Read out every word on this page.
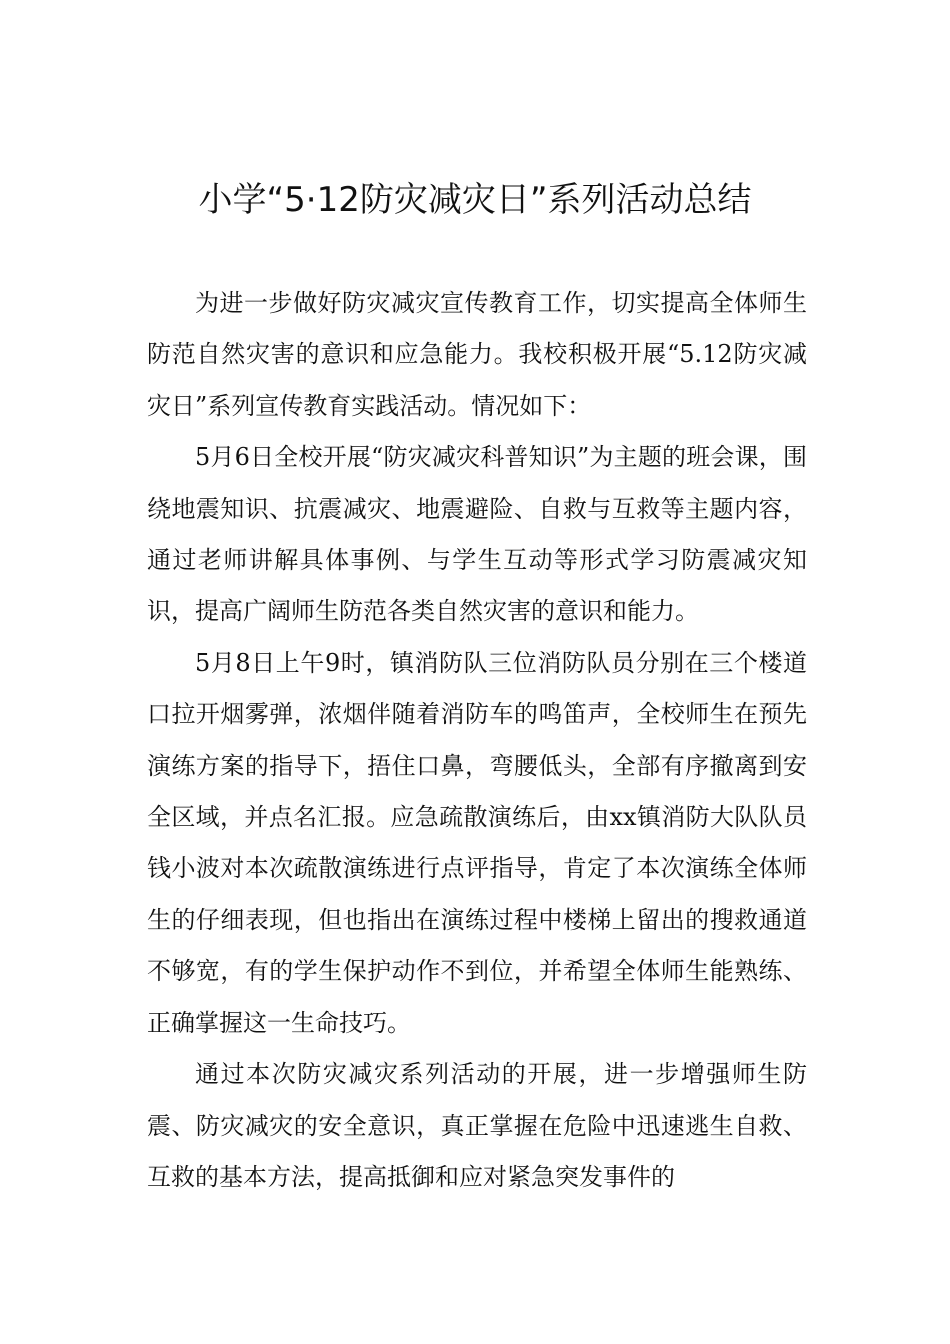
小学“5·12防灾减灾日”系列活动总结

为进一步做好防灾减灾宣传教育工作，切实提高全体师生防范自然灾害的意识和应急能力。我校积极开展“5.12防灾减灾日”系列宣传教育实践活动。情况如下：

5月6日全校开展“防灾减灾科普知识”为主题的班会课，围绕地震知识、抗震减灾、地震避险、自救与互救等主题内容，通过老师讲解具体事例、与学生互动等形式学习防震减灾知识，提高广阔师生防范各类自然灾害的意识和能力。

5月8日上午9时，镇消防队三位消防队员分别在三个楼道口拉开烟雾弹，浓烟伴随着消防车的鸣笛声，全校师生在预先演练方案的指导下，捂住口鼻，弯腰低头，全部有序撤离到安全区域，并点名汇报。应急疏散演练后，由xx镇消防大队队员钱小波对本次疏散演练进行点评指导，肯定了本次演练全体师生的仔细表现，但也指出在演练过程中楼梯上留出的搜救通道不够宽，有的学生保护动作不到位，并希望全体师生能熟练、正确掌握这一生命技巧。

通过本次防灾减灾系列活动的开展，进一步增强师生防震、防灾减灾的安全意识，真正掌握在危险中迅速逃生自救、互救的基本方法，提高抵御和应对紧急突发事件的
